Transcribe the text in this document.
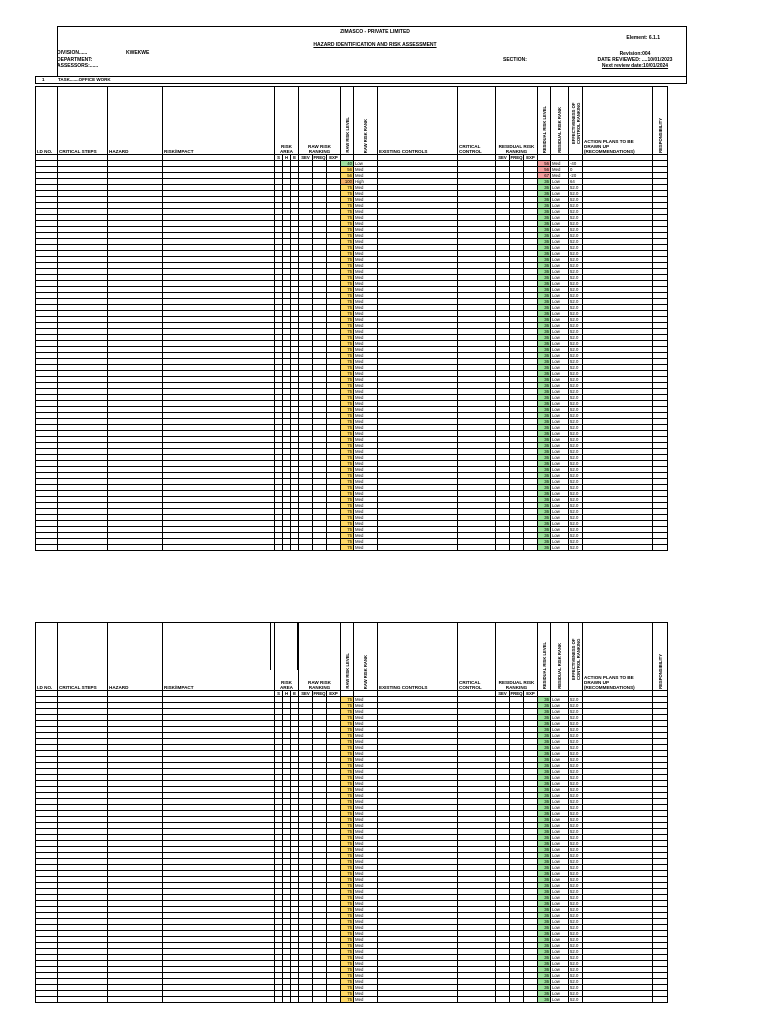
ZIMASCO - PRIVATE LIMITED
HAZARD IDENTIFICATION AND RISK ASSESSMENT
Element: 6.1.1
DIVISION......	KWEKWE
DEPARTMENT:
ASSESSORS:......
SECTION:
Revision:004
DATE REVIEWED: ....10/01/2023
Next review date:10/01/2024
1	TASK.......OFFICE WORK
I.D NO.	CRITICAL STEPS	HAZARD	RISK/IMPACT	RISK AREA			RAW RISK RANKING			RAW RISK LEVEL	RAW RISK RANK	EXISTING CONTROLS	CRITICAL CONTROL	RESIDUAL RISK RANKING			RESIDUAL RISK LEVEL	RESIDUAL RISK RANK	EFFECTIVENESS OF CONTROL RANKING	ACTION PLANS TO BE DRAWN UP (RECOMMENDATIONS)	RESPONSIBILITY
				S	H	E	SEV	FREQ	EXP					SEV	FREQ	EXP					
										40	Low						56	Med	-40		
										56	Med						56	Med	0		
										56	Med						67	Med	-20		
										100	High						36	Low	64		
										75	Med						36	Low	52.0		
										75	Med						36	Low	52.0		
										75	Med						36	Low	52.0		
										75	Med						36	Low	52.0		
										75	Med						36	Low	52.0		
										75	Med						36	Low	52.0		
										75	Med						36	Low	52.0		
										75	Med						36	Low	52.0		
										75	Med						36	Low	52.0		
										75	Med						36	Low	52.0		
										75	Med						36	Low	52.0		
										75	Med						36	Low	52.0		
										75	Med						36	Low	52.0		
										75	Med						36	Low	52.0		
										75	Med						36	Low	52.0		
										75	Med						36	Low	52.0		
										75	Med						36	Low	52.0		
										75	Med						36	Low	52.0		
										75	Med						36	Low	52.0		
										75	Med						36	Low	52.0		
										75	Med						36	Low	52.0		
										75	Med						36	Low	52.0		
										75	Med						36	Low	52.0		
										75	Med						36	Low	52.0		
										75	Med						36	Low	52.0		
										75	Med						36	Low	52.0		
										75	Med						36	Low	52.0		
										75	Med						36	Low	52.0		
										75	Med						36	Low	52.0		
										75	Med						36	Low	52.0		
										75	Med						36	Low	52.0		
										75	Med						36	Low	52.0		
										75	Med						36	Low	52.0		
										75	Med						36	Low	52.0		
										75	Med						36	Low	52.0		
										75	Med						36	Low	52.0		
										75	Med						36	Low	52.0		
										75	Med						36	Low	52.0		
										75	Med						36	Low	52.0		
										75	Med						36	Low	52.0		
										75	Med						36	Low	52.0		
										75	Med						36	Low	52.0		
										75	Med						36	Low	52.0		
										75	Med						36	Low	52.0		
										75	Med						36	Low	52.0		
										75	Med						36	Low	52.0		
										75	Med						36	Low	52.0		
										75	Med						36	Low	52.0		
										75	Med						36	Low	52.0		
										75	Med						36	Low	52.0		
										75	Med						36	Low	52.0		
										75	Med						36	Low	52.0		
										75	Med						36	Low	52.0		
										75	Med						36	Low	52.0		
										75	Med						36	Low	52.0		
										75	Med						36	Low	52.0		
										75	Med						36	Low	52.0		
										75	Med						36	Low	52.0		
										75	Med						36	Low	52.0		
										75	Med						36	Low	52.0		
										75	Med						36	Low	52.0		
I.D NO.	CRITICAL STEPS	HAZARD	RISK/IMPACT	RISK AREA			RAW RISK RANKING			RAW RISK LEVEL	RAW RISK RANK	EXISTING CONTROLS	CRITICAL CONTROL	RESIDUAL RISK RANKING			RESIDUAL RISK LEVEL	RESIDUAL RISK RANK	EFFECTIVENESS OF CONTROL RANKING	ACTION PLANS TO BE DRAWN UP (RECOMMENDATIONS)	RESPONSIBILITY
				S	H	E	SEV	FREQ	EXP					SEV	FREQ	EXP					
										75	Med						36	Low	52.0		
										75	Med						36	Low	52.0		
										75	Med						36	Low	52.0		
										75	Med						36	Low	52.0		
										75	Med						36	Low	52.0		
										75	Med						36	Low	52.0		
										75	Med						36	Low	52.0		
										75	Med						36	Low	52.0		
										75	Med						36	Low	52.0		
										75	Med						36	Low	52.0		
										75	Med						36	Low	52.0		
										75	Med						36	Low	52.0		
										75	Med						36	Low	52.0		
										75	Med						36	Low	52.0		
										75	Med						36	Low	52.0		
										75	Med						36	Low	52.0		
										75	Med						36	Low	52.0		
										75	Med						36	Low	52.0		
										75	Med						36	Low	52.0		
										75	Med						36	Low	52.0		
										75	Med						36	Low	52.0		
										75	Med						36	Low	52.0		
										75	Med						36	Low	52.0		
										75	Med						36	Low	52.0		
										75	Med						36	Low	52.0		
										75	Med						36	Low	52.0		
										75	Med						36	Low	52.0		
										75	Med						36	Low	52.0		
										75	Med						36	Low	52.0		
										75	Med						36	Low	52.0		
										75	Med						36	Low	52.0		
										75	Med						36	Low	52.0		
										75	Med						36	Low	52.0		
										75	Med						36	Low	52.0		
										75	Med						36	Low	52.0		
										75	Med						36	Low	52.0		
										75	Med						36	Low	52.0		
										75	Med						36	Low	52.0		
										75	Med						36	Low	52.0		
										75	Med						36	Low	52.0		
										75	Med						36	Low	52.0		
										75	Med						36	Low	52.0		
										75	Med						36	Low	52.0		
										75	Med						36	Low	52.0		
										75	Med						36	Low	52.0		
										75	Med						36	Low	52.0		
										75	Med						36	Low	52.0		
										75	Med						36	Low	52.0		
										75	Med						36	Low	52.0		
										75	Med						36	Low	52.0		
										75	Med						36	Low	52.0		
